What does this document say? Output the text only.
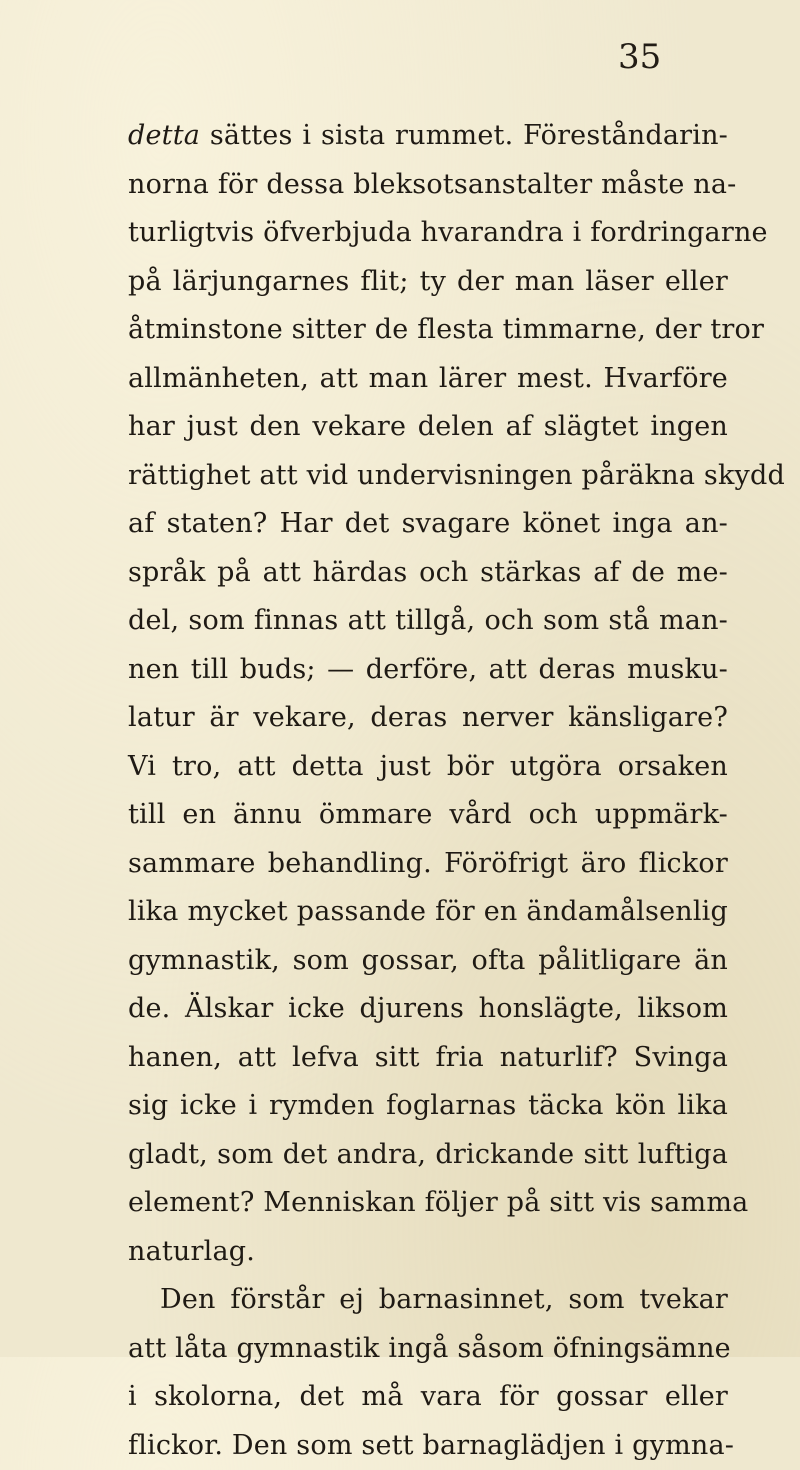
35
detta sättes i sista rummet. Föreståndarin-
norna för dessa bleksotsanstalter måste na-
turligtvis öfverbjuda hvarandra i fordringarne
på lärjungarnes flit; ty der man läser eller
åtminstone sitter de flesta timmarne, der tror
allmänheten, att man lärer mest. Hvarföre
har just den vekare delen af slägtet ingen
rättighet att vid undervisningen påräkna skydd
af staten? Har det svagare könet inga an-
språk på att härdas och stärkas af de me-
del, som finnas att tillgå, och som stå man-
nen till buds; — derföre, att deras musku-
latur är vekare, deras nerver känsligare?
Vi tro, att detta just bör utgöra orsaken
till en ännu ömmare vård och uppmärk-
sammare behandling. Föröfrigt äro flickor
lika mycket passande för en ändamålsenlig
gymnastik, som gossar, ofta pålitligare än
de. Älskar icke djurens honslägte, liksom
hanen, att lefva sitt fria naturlif? Svinga
sig icke i rymden foglarnas täcka kön lika
gladt, som det andra, drickande sitt luftiga
element? Menniskan följer på sitt vis samma
naturlag.
Den förstår ej barnasinnet, som tvekar
att låta gymnastik ingå såsom öfningsämne
i skolorna, det må vara för gossar eller
flickor. Den som sett barnaglädjen i gymna-
